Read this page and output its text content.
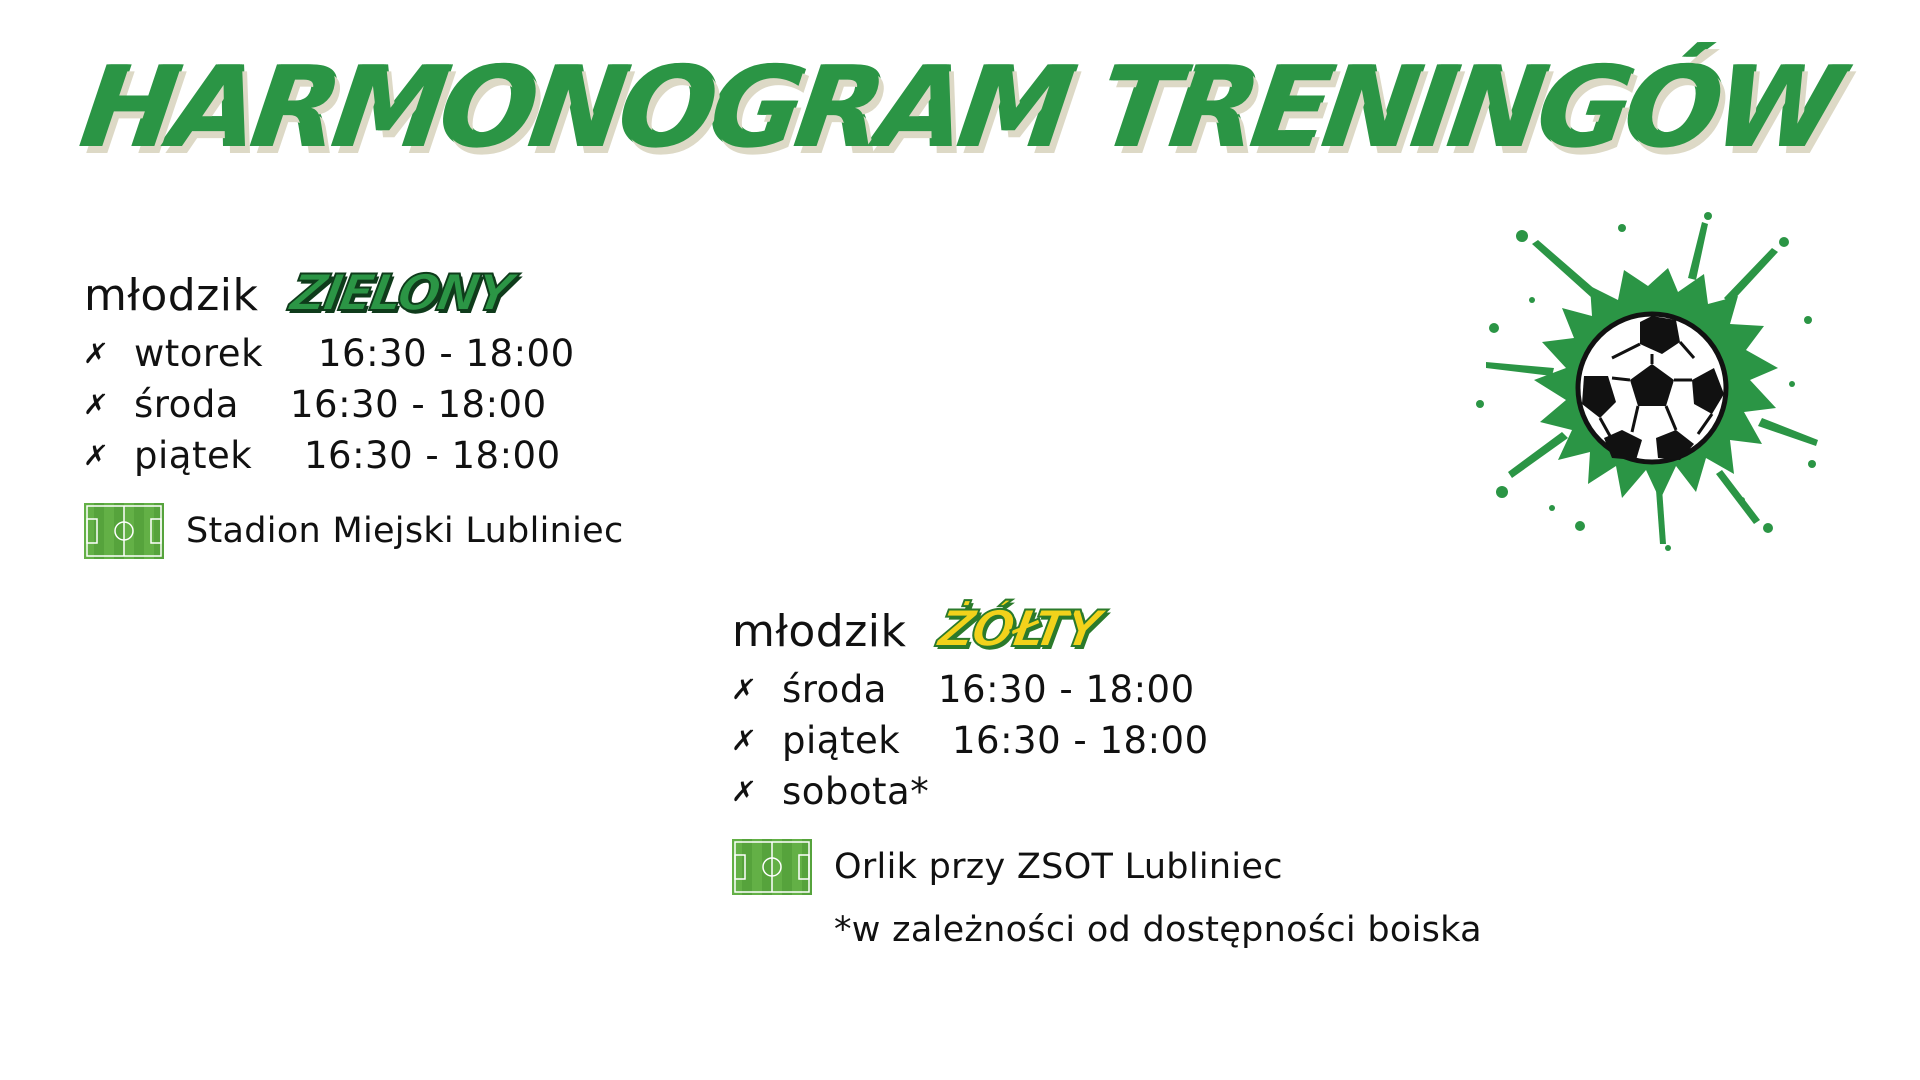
HARMONOGRAM TRENINGÓW
młodzik ZIELONY
✗ wtorek	16:30 - 18:00
✗ środa	16:30 - 18:00
✗ piątek	16:30 - 18:00
Stadion Miejski Lubliniec
młodzik ŻÓŁTY
✗ środa	16:30 - 18:00
✗ piątek	16:30 - 18:00
✗ sobota*
Orlik przy ZSOT Lubliniec
*w zależności od dostępności boiska
